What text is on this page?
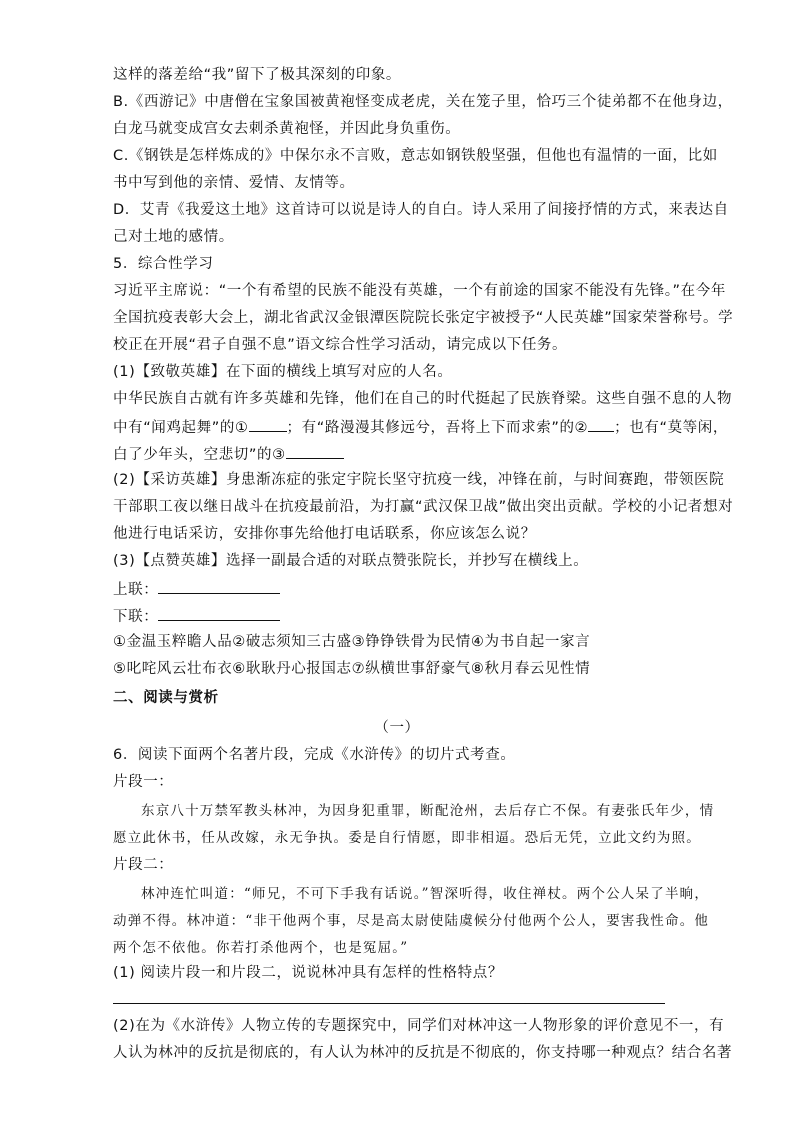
这样的落差给“我”留下了极其深刻的印象。
B.《西游记》中唐僧在宝象国被黄袍怪变成老虎，关在笼子里，恰巧三个徒弟都不在他身边，
白龙马就变成宫女去刺杀黄袍怪，并因此身负重伤。
C.《钢铁是怎样炼成的》中保尔永不言败，意志如钢铁般坚强，但他也有温情的一面，比如
书中写到他的亲情、爱情、友情等。
D．艾青《我爱这土地》这首诗可以说是诗人的自白。诗人采用了间接抒情的方式，来表达自
己对土地的感情。
5．综合性学习
习近平主席说：“一个有希望的民族不能没有英雄，一个有前途的国家不能没有先锋。”在今年
全国抗疫表彰大会上，湖北省武汉金银潭医院院长张定宇被授予“人民英雄”国家荣誉称号。学
校正在开展“君子自强不息”语文综合性学习活动，请完成以下任务。
(1)【致敬英雄】在下面的横线上填写对应的人名。
中华民族自古就有许多英雄和先锋，他们在自己的时代挺起了民族脊梁。这些自强不息的人物
中有“闻鸡起舞”的①	；有“路漫漫其修远兮，吾将上下而求索”的② ；也有“莫等闲，
白了少年头，空悲切”的③
(2)【采访英雄】身患渐冻症的张定宇院长坚守抗疫一线，冲锋在前，与时间赛跑，带领医院
干部职工夜以继日战斗在抗疫最前沿，为打赢“武汉保卫战”做出突出贡献。学校的小记者想对
他进行电话采访，安排你事先给他打电话联系，你应该怎么说？
(3)【点赞英雄】选择一副最合适的对联点赞张院长，并抄写在横线上。
上联：
下联：
①金温玉粹瞻人品②破志须知三古盛③铮铮铁骨为民情④为书自起一家言
⑤叱咤风云壮布衣⑥耿耿丹心报国志⑦纵横世事舒豪气⑧秋月春云见性情
二、阅读与赏析
（一）
6．阅读下面两个名著片段，完成《水浒传》的切片式考查。
片段一：
东京八十万禁军教头林冲，为因身犯重罪，断配沧州，去后存亡不保。有妻张氏年少，情
愿立此休书，任从改嫁，永无争执。委是自行情愿，即非相逼。恐后无凭，立此文约为照。
片段二：
林冲连忙叫道：“师兄，不可下手我有话说。”智深听得，收住禅杖。两个公人呆了半晌，
动弹不得。林冲道：“非干他两个事，尽是高太尉使陆虞候分付他两个公人，要害我性命。他
两个怎不依他。你若打杀他两个，也是冤屈。”
(1) 阅读片段一和片段二，说说林冲具有怎样的性格特点？
(2)在为《水浒传》人物立传的专题探究中，同学们对林冲这一人物形象的评价意见不一，有
人认为林冲的反抗是彻底的，有人认为林冲的反抗是不彻底的，你支持哪一种观点？结合名著
